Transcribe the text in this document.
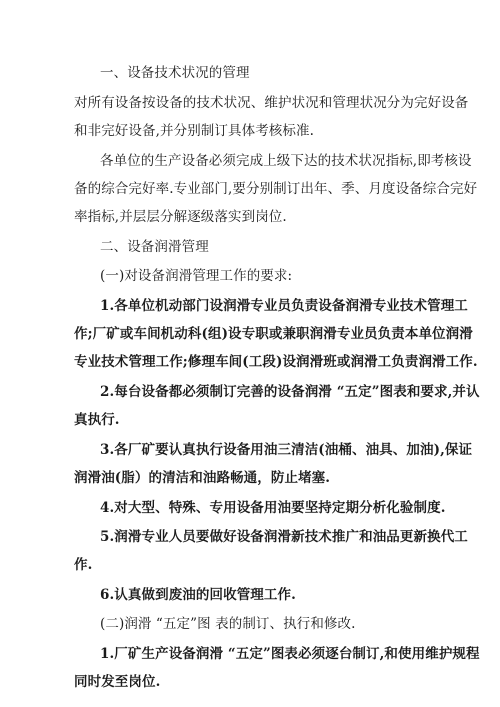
一、设备技术状况的管理
对所有设备按设备的技术状况、维护状况和管理状况分为完好设备
和非完好设备,并分别制订具体考核标准.
各单位的生产设备必须完成上级下达的技术状况指标,即考核设
备的综合完好率.专业部门,要分别制订出年、季、月度设备综合完好
率指标,并层层分解逐级落实到岗位.
二、设备润滑管理
(一)对设备润滑管理工作的要求:
1.各单位机动部门设润滑专业员负责设备润滑专业技术管理工
作;厂矿或车间机动科(组)设专职或兼职润滑专业员负责本单位润滑
专业技术管理工作;修理车间(工段)设润滑班或润滑工负责润滑工作.
2.每台设备都必须制订完善的设备润滑 “五定”图表和要求,并认
真执行.
3.各厂矿要认真执行设备用油三清洁(油桶、油具、加油),保证
润滑油(脂）的清洁和油路畅通，防止堵塞.
4.对大型、特殊、专用设备用油要坚持定期分析化验制度.
5.润滑专业人员要做好设备润滑新技术推广和油品更新换代工
作.
6.认真做到废油的回收管理工作.
(二)润滑 “五定”图 表的制订、执行和修改.
1.厂矿生产设备润滑 “五定”图表必须逐台制订,和使用维护规程
同时发至岗位.
